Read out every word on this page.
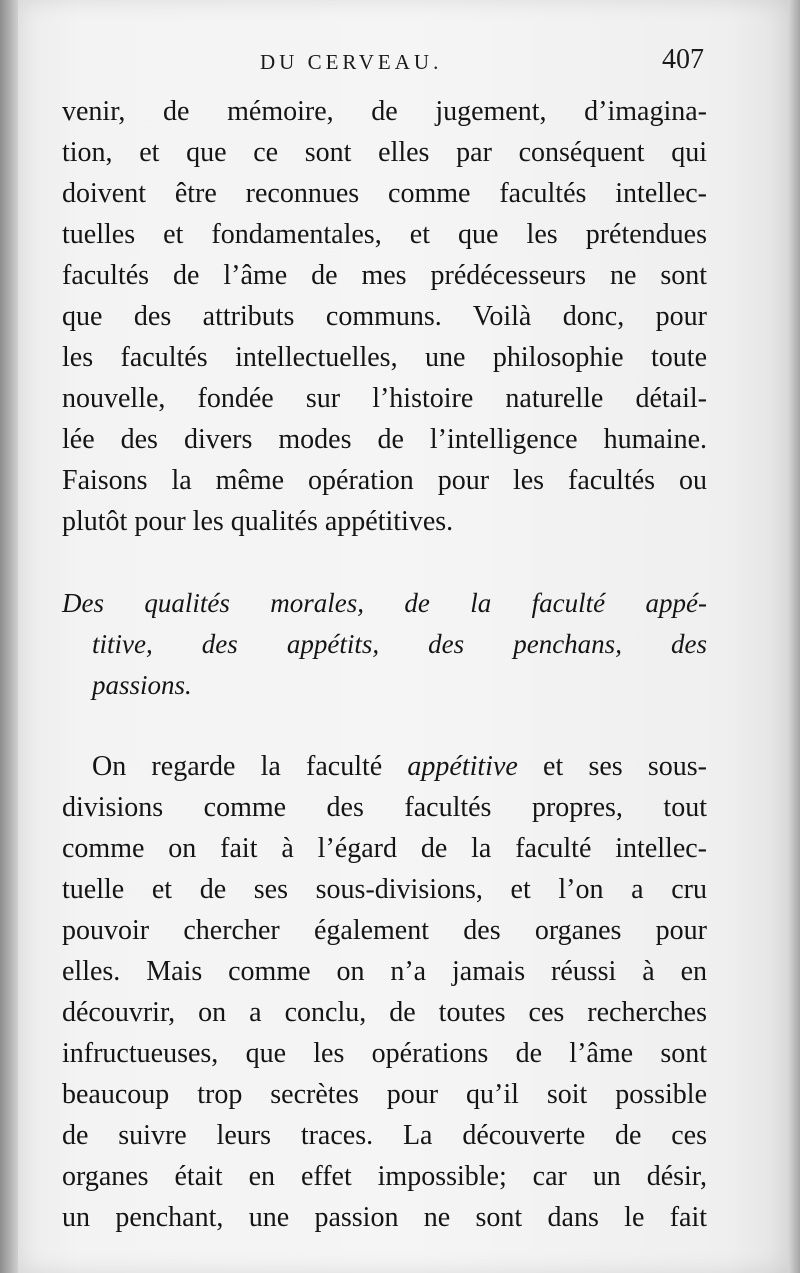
DU CERVEAU.	407
venir, de mémoire, de jugement, d’imagina-
tion, et que ce sont elles par conséquent qui
doivent être reconnues comme facultés intellec-
tuelles et fondamentales, et que les prétendues
facultés de l’âme de mes prédécesseurs ne sont
que des attributs communs. Voilà donc, pour
les facultés intellectuelles, une philosophie toute
nouvelle, fondée sur l’histoire naturelle détail-
lée des divers modes de l’intelligence humaine.
Faisons la même opération pour les facultés ou
plutôt pour les qualités appétitives.
Des qualités morales, de la faculté appé-
titive, des appétits, des penchans, des
passions.
On regarde la faculté appétitive et ses sous-
divisions comme des facultés propres, tout
comme on fait à l’égard de la faculté intellec-
tuelle et de ses sous-divisions, et l’on a cru
pouvoir chercher également des organes pour
elles. Mais comme on n’a jamais réussi à en
découvrir, on a conclu, de toutes ces recherches
infructueuses, que les opérations de l’âme sont
beaucoup trop secrètes pour qu’il soit possible
de suivre leurs traces. La découverte de ces
organes était en effet impossible; car un désir,
un penchant, une passion ne sont dans le fait
